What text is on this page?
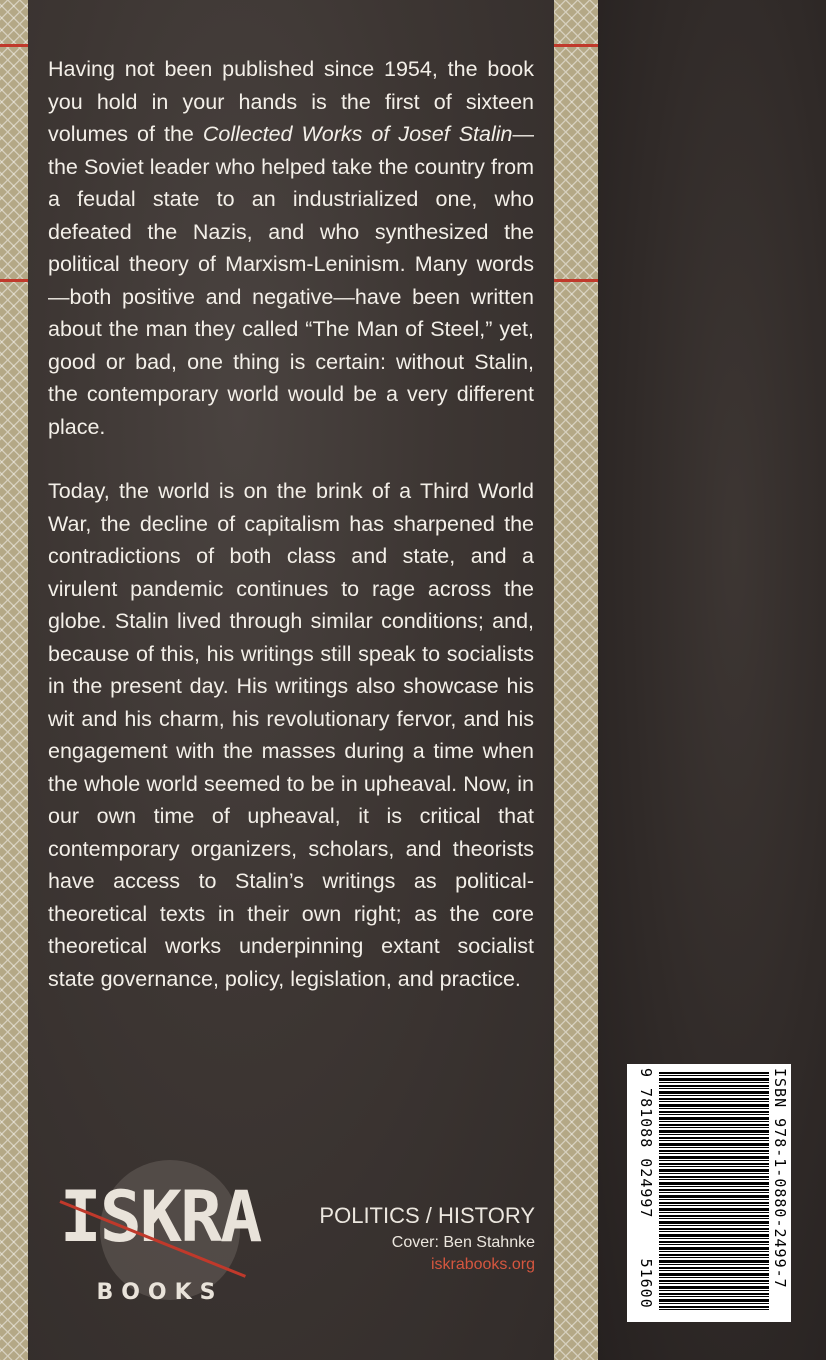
Having not been published since 1954, the book you hold in your hands is the first of sixteen volumes of the Collected Works of Josef Stalin—the Soviet leader who helped take the country from a feudal state to an industrialized one, who defeated the Nazis, and who synthesized the political theory of Marxism-Leninism. Many words—both positive and negative—have been written about the man they called “The Man of Steel,” yet, good or bad, one thing is certain: without Stalin, the contemporary world would be a very different place.

Today, the world is on the brink of a Third World War, the decline of capitalism has sharpened the contradictions of both class and state, and a virulent pandemic continues to rage across the globe. Stalin lived through similar conditions; and, because of this, his writings still speak to socialists in the present day. His writings also showcase his wit and his charm, his revolutionary fervor, and his engagement with the masses during a time when the whole world seemed to be in upheaval. Now, in our own time of upheaval, it is critical that contemporary organizers, scholars, and theorists have access to Stalin’s writings as political-theoretical texts in their own right; as the core theoretical works underpinning extant socialist state governance, policy, legislation, and practice.

ISKRA
BOOKS
POLITICS / HISTORY
Cover: Ben Stahnke
iskrabooks.org	ISBN 978-1-0880-2499-7
9 781088 024997    51600
